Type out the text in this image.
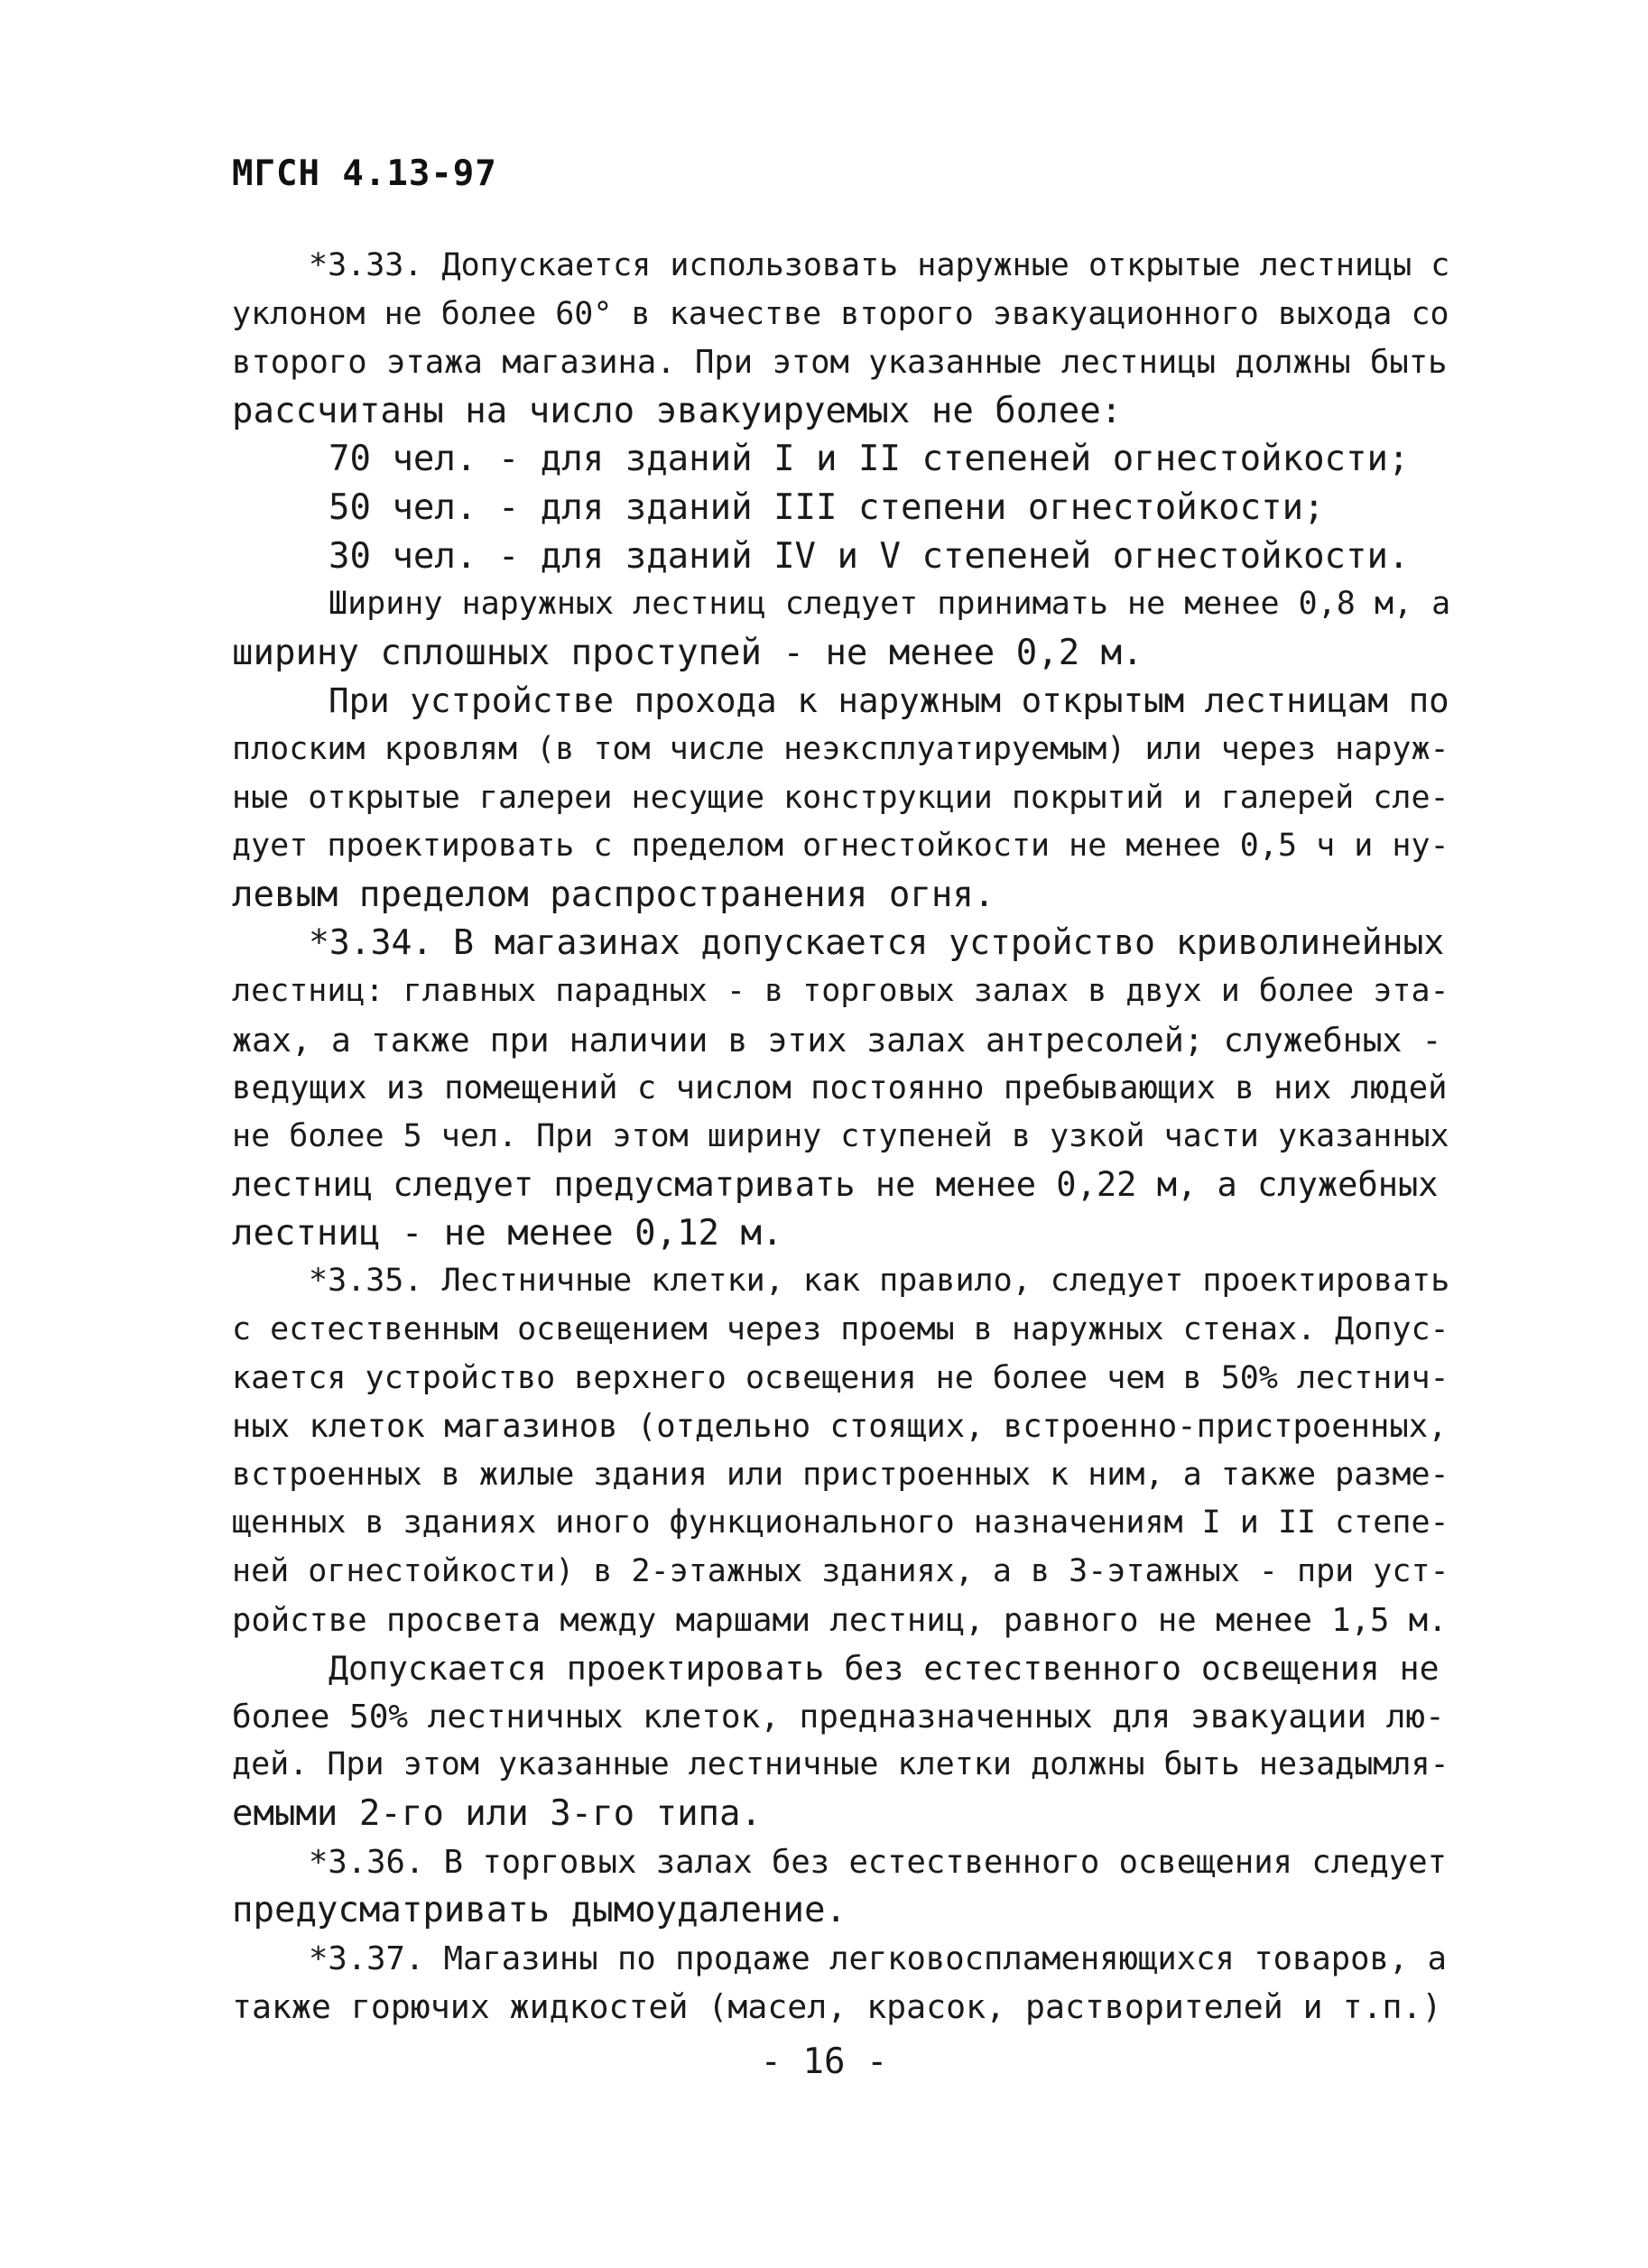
МГСН 4.13-97
*3.33. Допускается использовать наружные открытые лестницы с
уклоном не более 60° в качестве второго эвакуационного выхода со
второго этажа магазина. При этом указанные лестницы должны быть
рассчитаны на число эвакуируемых не более:
70 чел. - для зданий I и II степеней огнестойкости;
50 чел. - для зданий III степени огнестойкости;
30 чел. - для зданий IV и V степеней огнестойкости.
Ширину наружных лестниц следует принимать не менее 0,8 м, а
ширину сплошных проступей - не менее 0,2 м.
При устройстве прохода к наружным открытым лестницам по
плоским кровлям (в том числе неэксплуатируемым) или через наруж-
ные открытые галереи несущие конструкции покрытий и галерей сле-
дует проектировать с пределом огнестойкости не менее 0,5 ч и ну-
левым пределом распространения огня.
*3.34. В магазинах допускается устройство криволинейных
лестниц: главных парадных - в торговых залах в двух и более эта-
жах, а также при наличии в этих залах антресолей; служебных -
ведущих из помещений с числом постоянно пребывающих в них людей
не более 5 чел. При этом ширину ступеней в узкой части указанных
лестниц следует предусматривать не менее 0,22 м, а служебных
лестниц - не менее 0,12 м.
*3.35. Лестничные клетки, как правило, следует проектировать
с естественным освещением через проемы в наружных стенах. Допус-
кается устройство верхнего освещения не более чем в 50% лестнич-
ных клеток магазинов (отдельно стоящих, встроенно-пристроенных,
встроенных в жилые здания или пристроенных к ним, а также разме-
щенных в зданиях иного функционального назначениям I и II степе-
ней огнестойкости) в 2-этажных зданиях, а в 3-этажных - при уст-
ройстве просвета между маршами лестниц, равного не менее 1,5 м.
Допускается проектировать без естественного освещения не
более 50% лестничных клеток, предназначенных для эвакуации лю-
дей. При этом указанные лестничные клетки должны быть незадымля-
емыми 2-го или 3-го типа.
*3.36. В торговых залах без естественного освещения следует
предусматривать дымоудаление.
*3.37. Магазины по продаже легковоспламеняющихся товаров, а
также горючих жидкостей (масел, красок, растворителей и т.п.)
- 16 -
